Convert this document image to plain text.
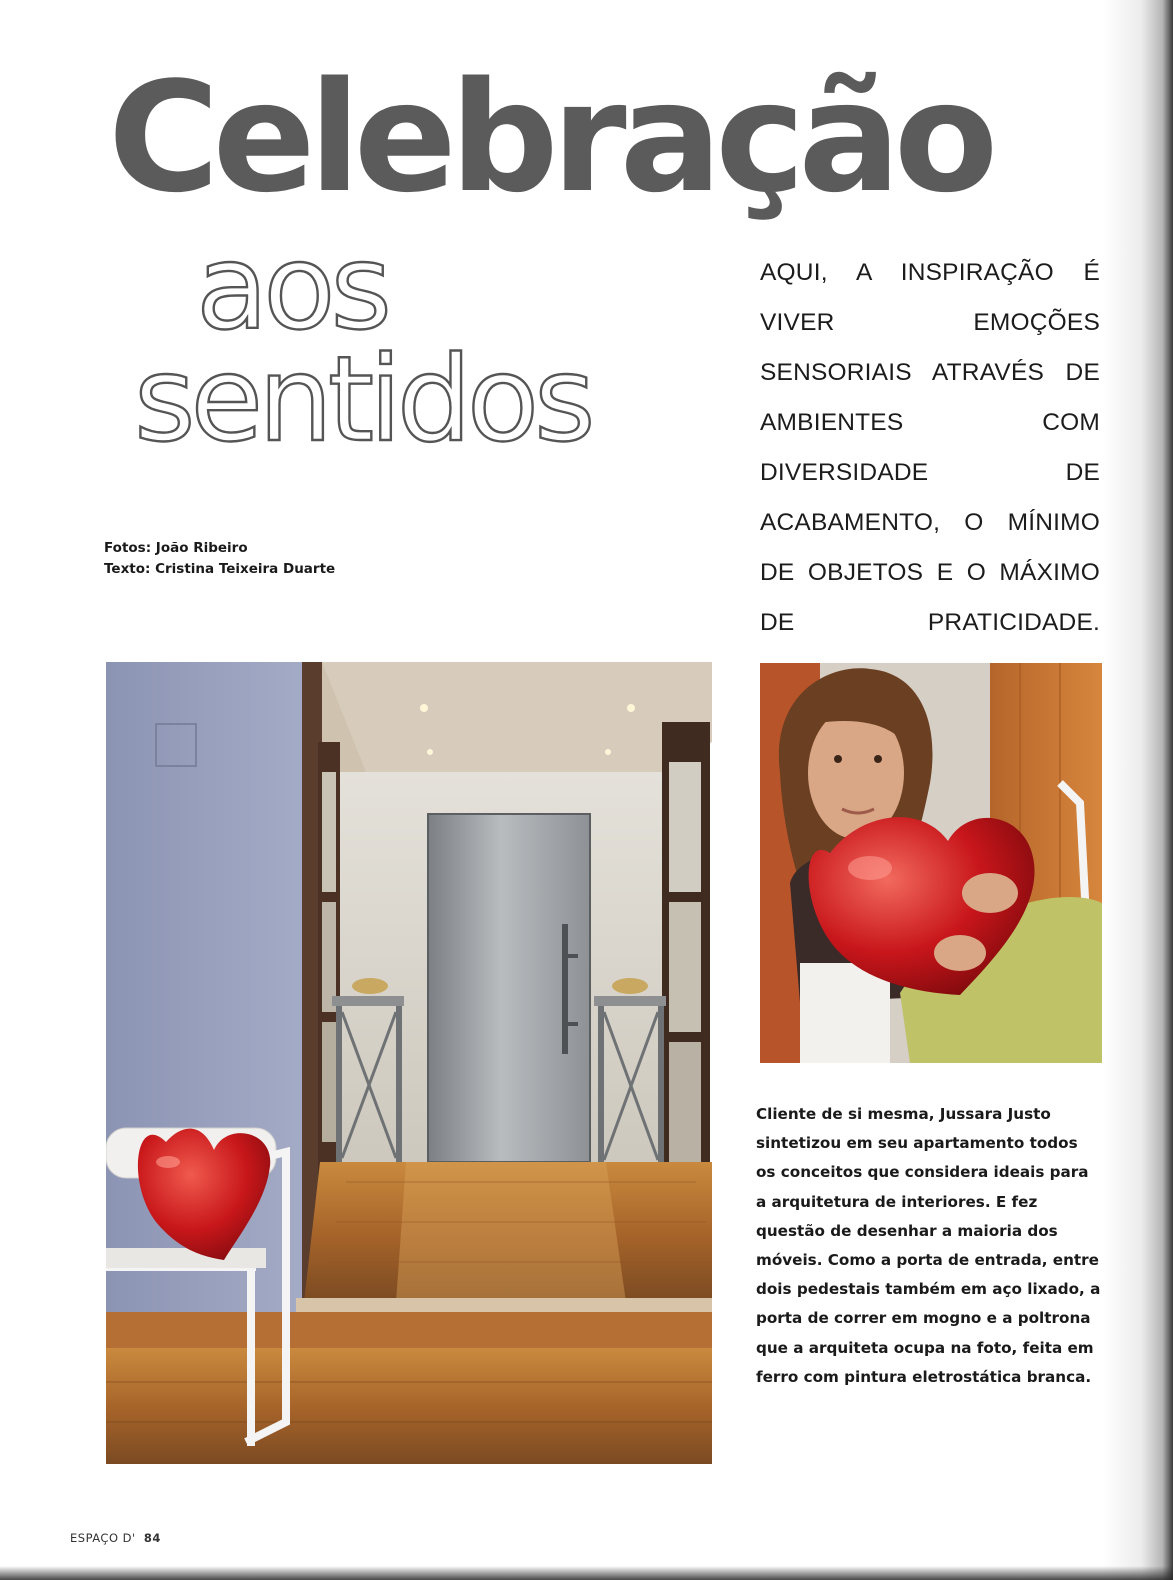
Celebração
aos
sentidos

AQUI, A INSPIRAÇÃO É VIVER EMOÇÕES SENSORIAIS ATRAVÉS DE AMBIENTES COM DIVERSIDADE DE ACABAMENTO, O MÍNIMO DE OBJETOS E O MÁXIMO DE PRATICIDADE.

Fotos: João Ribeiro
Texto: Cristina Teixeira Duarte

Cliente de si mesma, Jussara Justo sintetizou em seu apartamento todos os conceitos que considera ideais para a arquitetura de interiores. E fez questão de desenhar a maioria dos móveis. Como a porta de entrada, entre dois pedestais também em aço lixado, a porta de correr em mogno e a poltrona que a arquiteta ocupa na foto, feita em ferro com pintura eletrostática branca.

ESPAÇO D' 84
